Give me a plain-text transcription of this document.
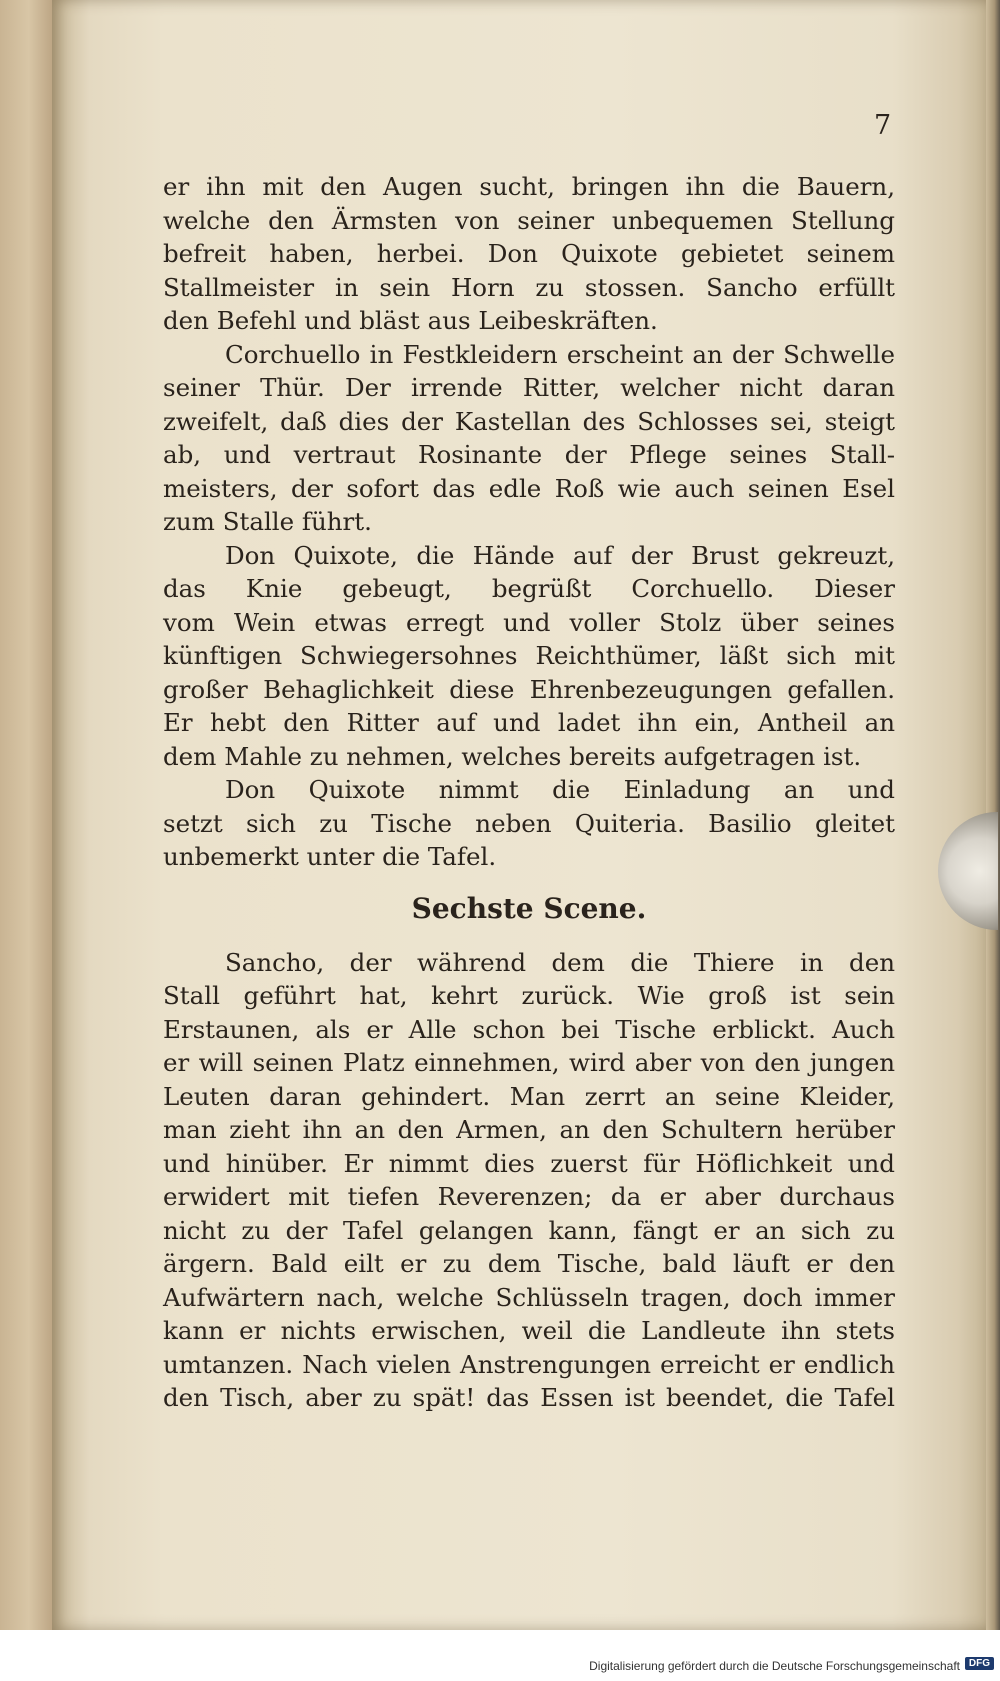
7
er ihn mit den Augen sucht, bringen ihn die Bauern,
welche den Ärmsten von seiner unbequemen Stellung
befreit haben, herbei. Don Quixote gebietet seinem
Stallmeister in sein Horn zu stossen. Sancho erfüllt
den Befehl und bläst aus Leibeskräften.
Corchuello in Festkleidern erscheint an der Schwelle
seiner Thür. Der irrende Ritter, welcher nicht daran
zweifelt, daß dies der Kastellan des Schlosses sei, steigt
ab, und vertraut Rosinante der Pflege seines Stall-
meisters, der sofort das edle Roß wie auch seinen Esel
zum Stalle führt.
Don Quixote, die Hände auf der Brust gekreuzt,
das Knie gebeugt, begrüßt Corchuello. Dieser
vom Wein etwas erregt und voller Stolz über seines
künftigen Schwiegersohnes Reichthümer, läßt sich mit
großer Behaglichkeit diese Ehrenbezeugungen gefallen.
Er hebt den Ritter auf und ladet ihn ein, Antheil an
dem Mahle zu nehmen, welches bereits aufgetragen ist.
Don Quixote nimmt die Einladung an und
setzt sich zu Tische neben Quiteria. Basilio gleitet
unbemerkt unter die Tafel.
Sechste Scene.
Sancho, der während dem die Thiere in den
Stall geführt hat, kehrt zurück. Wie groß ist sein
Erstaunen, als er Alle schon bei Tische erblickt. Auch
er will seinen Platz einnehmen, wird aber von den jungen
Leuten daran gehindert. Man zerrt an seine Kleider,
man zieht ihn an den Armen, an den Schultern herüber
und hinüber. Er nimmt dies zuerst für Höflichkeit und
erwidert mit tiefen Reverenzen; da er aber durchaus
nicht zu der Tafel gelangen kann, fängt er an sich zu
ärgern. Bald eilt er zu dem Tische, bald läuft er den
Aufwärtern nach, welche Schlüsseln tragen, doch immer
kann er nichts erwischen, weil die Landleute ihn stets
umtanzen. Nach vielen Anstrengungen erreicht er endlich
den Tisch, aber zu spät! das Essen ist beendet, die Tafel
Digitalisierung gefördert durch die Deutsche Forschungsgemeinschaft DFG
